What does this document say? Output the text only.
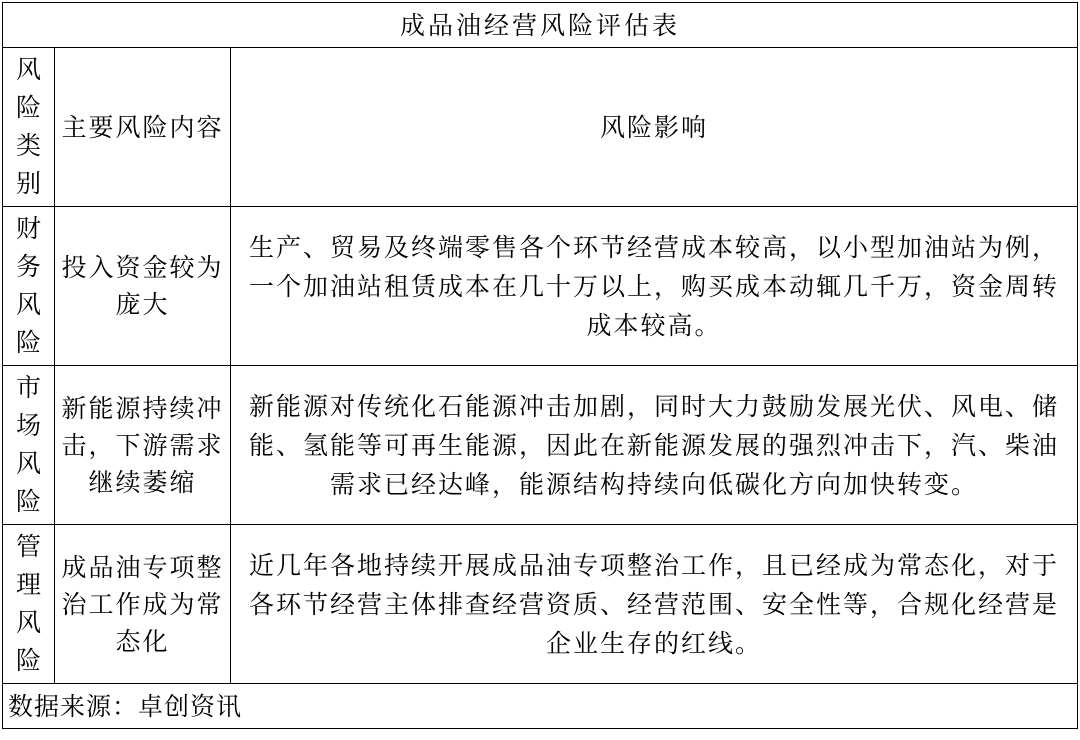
成品油经营风险评估表		
风险类别	主要风险内容	风险影响
财务风险	投入资金较为庞大	生产、贸易及终端零售各个环节经营成本较高，以小型加油站为例，一个加油站租赁成本在几十万以上，购买成本动辄几千万，资金周转成本较高。
市场风险	新能源持续冲击，下游需求继续萎缩	新能源对传统化石能源冲击加剧，同时大力鼓励发展光伏、风电、储能、氢能等可再生能源，因此在新能源发展的强烈冲击下，汽、柴油需求已经达峰，能源结构持续向低碳化方向加快转变。
管理风险	成品油专项整治工作成为常态化	近几年各地持续开展成品油专项整治工作，且已经成为常态化，对于各环节经营主体排查经营资质、经营范围、安全性等，合规化经营是企业生存的红线。
数据来源：卓创资讯		
